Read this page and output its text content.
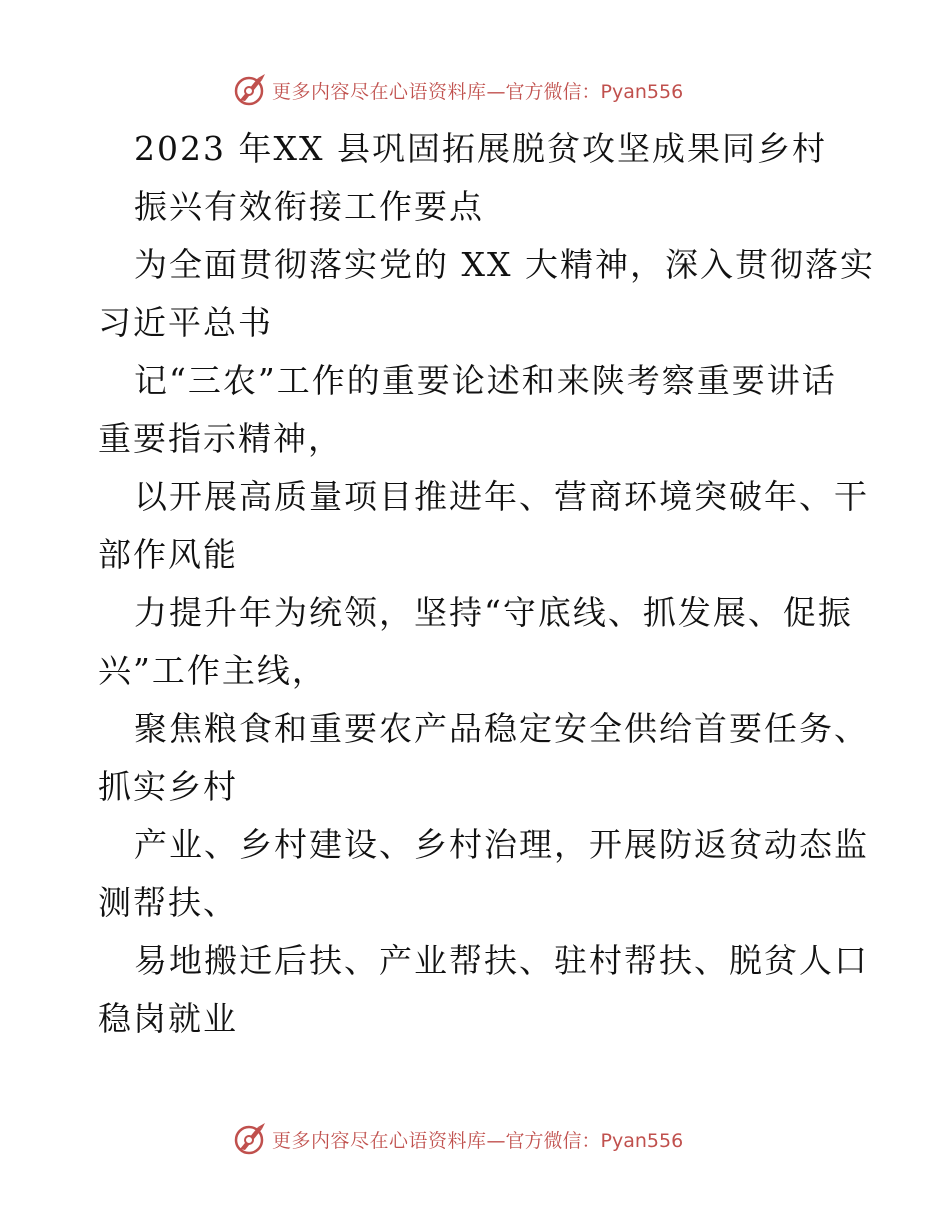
更多内容尽在心语资料库 —官方微信：Pyan556
2023 年XX 县巩固拓展脱贫攻坚成果同乡村
振兴有效衔接工作要点
为全面贯彻落实党的 XX 大精神，深入贯彻落实
习近平总书
记“三农”工作的重要论述和来陕考察重要讲话
重要指示精神，
以开展高质量项目推进年、营商环境突破年、干
部作风能
力提升年为统领，坚持“守底线、抓发展、促振
兴”工作主线，
聚焦粮食和重要农产品稳定安全供给首要任务、
抓实乡村
产业、乡村建设、乡村治理，开展防返贫动态监
测帮扶、
易地搬迁后扶、产业帮扶、驻村帮扶、脱贫人口
稳岗就业
更多内容尽在心语资料库 —官方微信：Pyan556
